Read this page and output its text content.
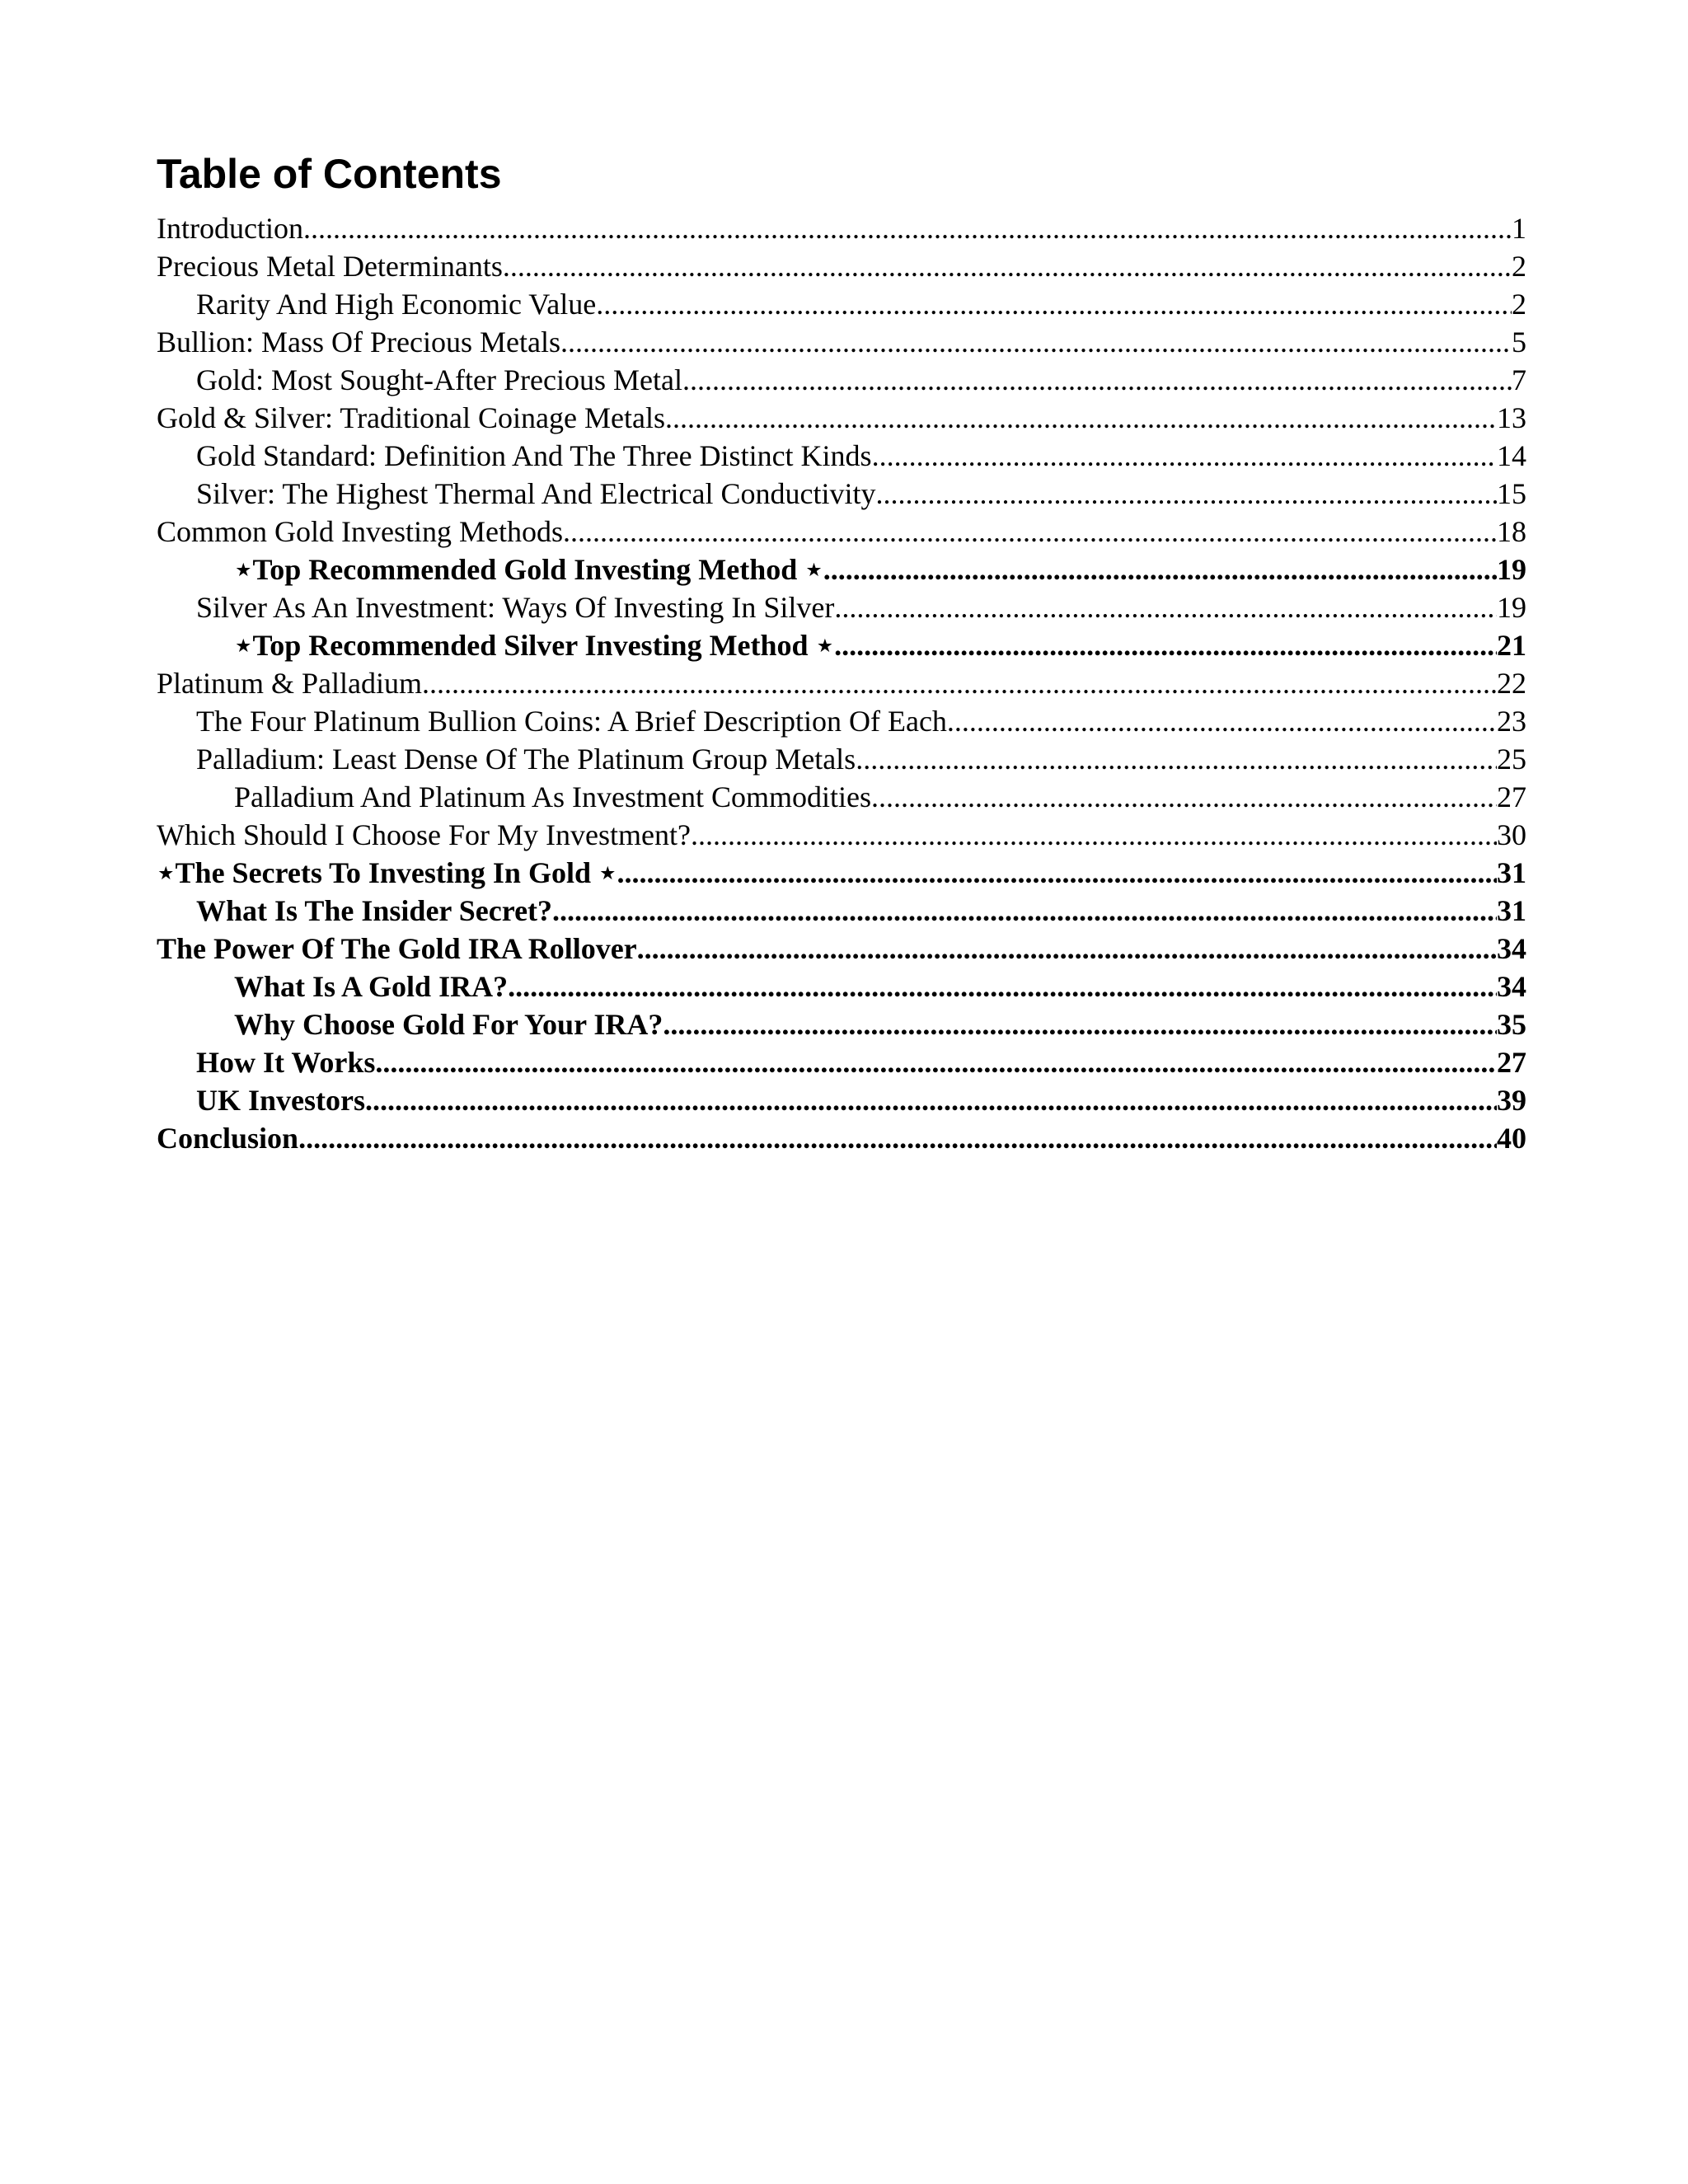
Table of Contents
Introduction .....	1
Precious Metal Determinants .....	2
Rarity And High Economic Value .....	2
Bullion: Mass Of Precious Metals .....	5
Gold: Most Sought-After Precious Metal .....	7
Gold & Silver: Traditional Coinage Metals .....	13
Gold Standard: Definition And The Three Distinct Kinds .....	14
Silver: The Highest Thermal And Electrical Conductivity .....	15
Common Gold Investing Methods .....	18
⋆Top Recommended Gold Investing Method ⋆ .....	19
Silver As An Investment: Ways Of Investing In Silver .....	19
⋆Top Recommended Silver Investing Method ⋆ .....	21
Platinum & Palladium .....	22
The Four Platinum Bullion Coins: A Brief Description Of Each .....	23
Palladium: Least Dense Of The Platinum Group Metals .....	25
Palladium And Platinum As Investment Commodities .....	27
Which Should I Choose For My Investment? .....	30
⋆The Secrets To Investing In Gold ⋆ .....	31
What Is The Insider Secret? .....	31
The Power Of The Gold IRA Rollover .....	34
What Is A Gold IRA? .....	34
Why Choose Gold For Your IRA? .....	35
How It Works .....	27
UK Investors .....	39
Conclusion .....	40
